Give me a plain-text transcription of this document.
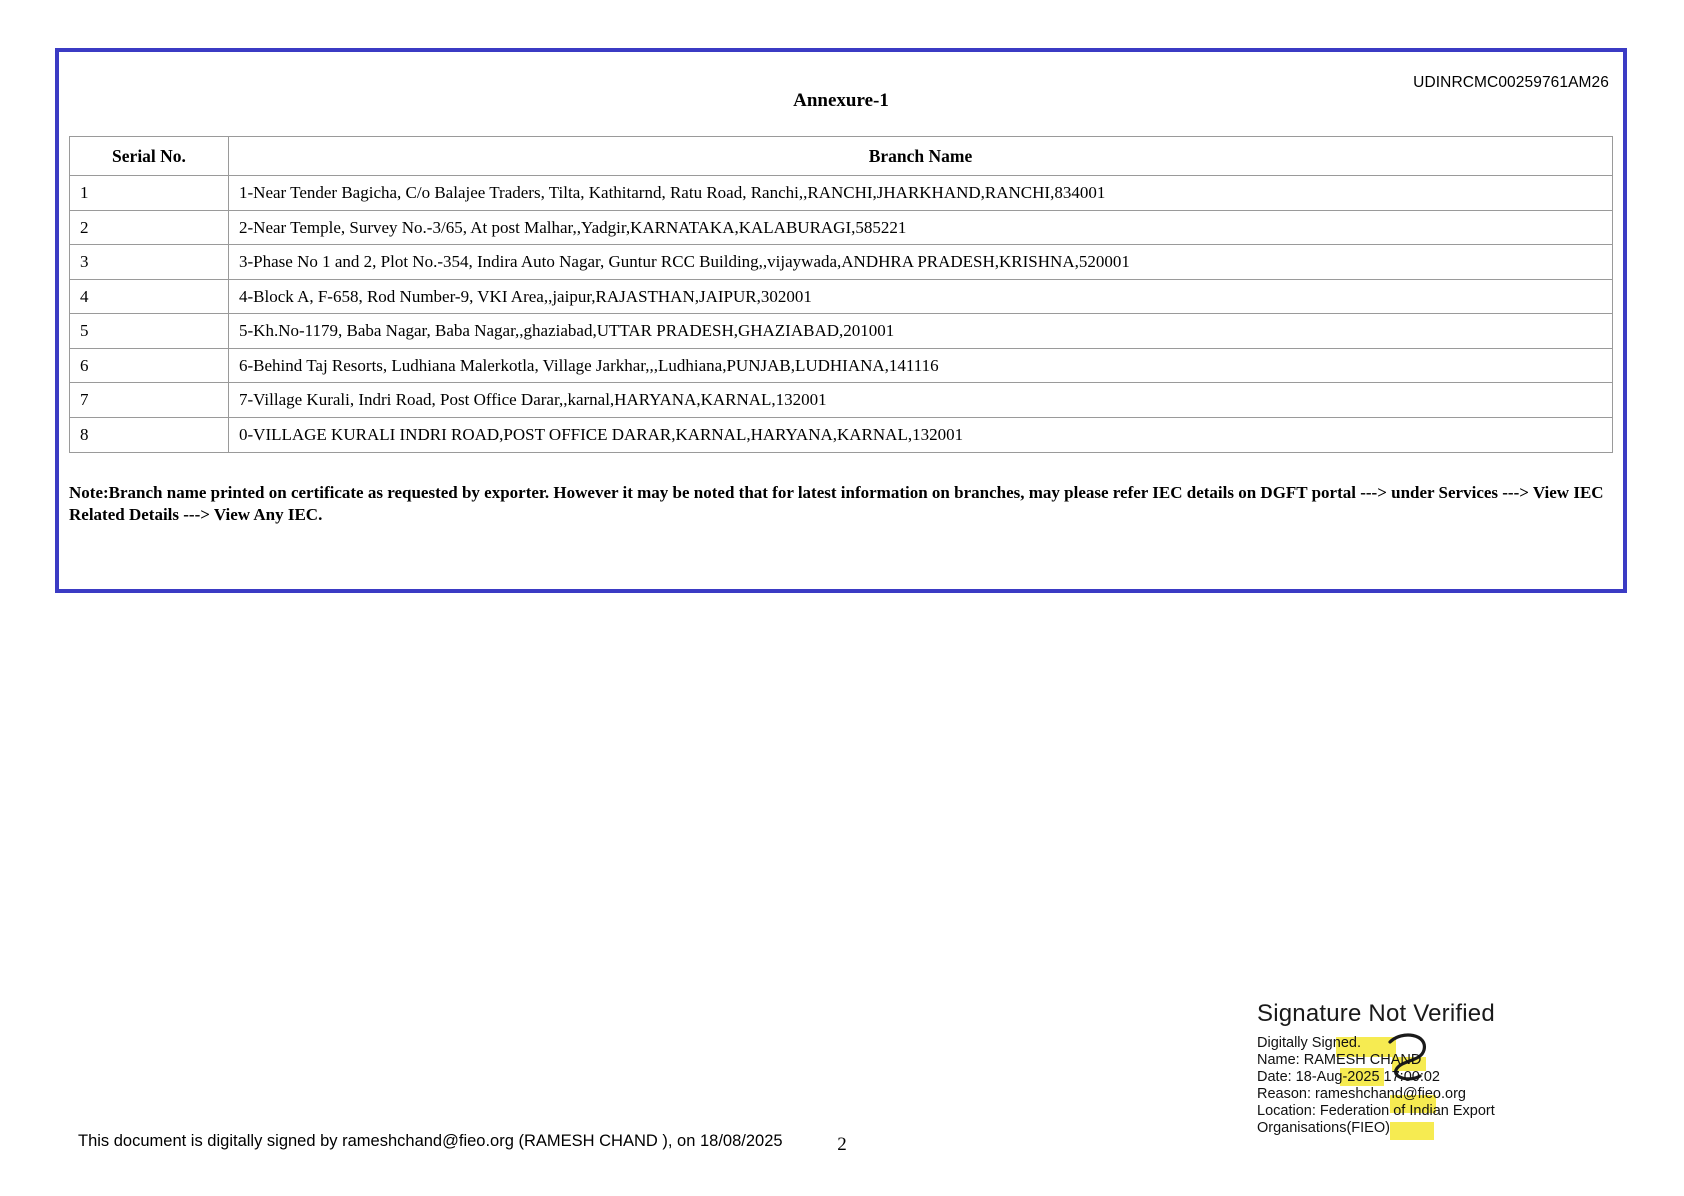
UDINRCMC00259761AM26
Annexure-1
Serial No.	Branch Name
1	1-Near Tender Bagicha, C/o Balajee Traders, Tilta, Kathitarnd, Ratu Road, Ranchi,,RANCHI,JHARKHAND,RANCHI,834001
2	2-Near Temple, Survey No.-3/65, At post Malhar,,Yadgir,KARNATAKA,KALABURAGI,585221
3	3-Phase No 1 and 2, Plot No.-354, Indira Auto Nagar, Guntur RCC Building,,vijaywada,ANDHRA PRADESH,KRISHNA,520001
4	4-Block A, F-658, Rod Number-9, VKI Area,,jaipur,RAJASTHAN,JAIPUR,302001
5	5-Kh.No-1179, Baba Nagar, Baba Nagar,,ghaziabad,UTTAR PRADESH,GHAZIABAD,201001
6	6-Behind Taj Resorts, Ludhiana Malerkotla, Village Jarkhar,,,Ludhiana,PUNJAB,LUDHIANA,141116
7	7-Village Kurali, Indri Road, Post Office Darar,,karnal,HARYANA,KARNAL,132001
8	0-VILLAGE KURALI INDRI ROAD,POST OFFICE DARAR,KARNAL,HARYANA,KARNAL,132001
Note:Branch name printed on certificate as requested by exporter. However it may be noted that for latest information on branches, may please refer IEC details on DGFT portal ---> under Services ---> View IEC Related Details ---> View Any IEC.
This document is digitally signed by rameshchand@fieo.org (RAMESH CHAND ), on 18/08/2025	2
Signature Not Verified
Digitally Signed.
Name: RAMESH CHAND
Date: 18-Aug-2025 17:00:02
Reason: rameshchand@fieo.org
Location: Federation of Indian Export Organisations(FIEO)
